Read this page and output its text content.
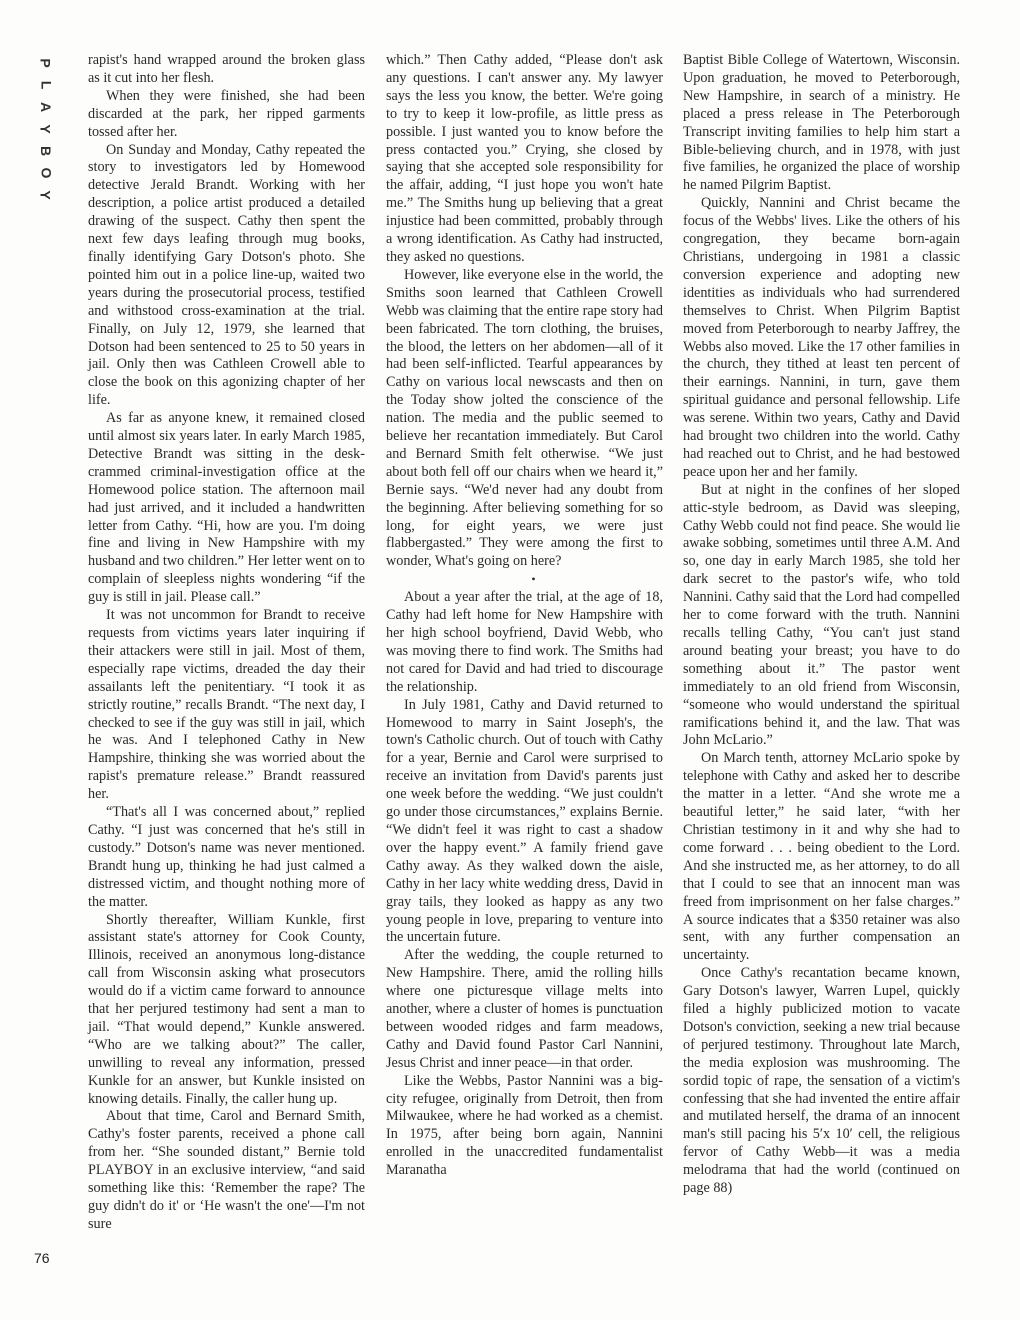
P
L
A
Y
B
O
Y

rapist's hand wrapped around the broken glass as it cut into her flesh.

When they were finished, she had been discarded at the park, her ripped garments tossed after her.

On Sunday and Monday, Cathy repeated the story to investigators led by Homewood detective Jerald Brandt. Working with her description, a police artist produced a detailed drawing of the suspect. Cathy then spent the next few days leafing through mug books, finally identifying Gary Dotson's photo. She pointed him out in a police line-up, waited two years during the prosecutorial process, testified and withstood cross-examination at the trial. Finally, on July 12, 1979, she learned that Dotson had been sentenced to 25 to 50 years in jail. Only then was Cathleen Crowell able to close the book on this agonizing chapter of her life.

As far as anyone knew, it remained closed until almost six years later. In early March 1985, Detective Brandt was sitting in the desk-crammed criminal-investigation office at the Homewood police station. The afternoon mail had just arrived, and it included a handwritten letter from Cathy. “Hi, how are you. I'm doing fine and living in New Hampshire with my husband and two children.” Her letter went on to complain of sleepless nights wondering “if the guy is still in jail. Please call.”

It was not uncommon for Brandt to receive requests from victims years later inquiring if their attackers were still in jail. Most of them, especially rape victims, dreaded the day their assailants left the penitentiary. “I took it as strictly routine,” recalls Brandt. “The next day, I checked to see if the guy was still in jail, which he was. And I telephoned Cathy in New Hampshire, thinking she was worried about the rapist's premature release.” Brandt reassured her.

“That's all I was concerned about,” replied Cathy. “I just was concerned that he's still in custody.” Dotson's name was never mentioned. Brandt hung up, thinking he had just calmed a distressed victim, and thought nothing more of the matter.

Shortly thereafter, William Kunkle, first assistant state's attorney for Cook County, Illinois, received an anonymous long-distance call from Wisconsin asking what prosecutors would do if a victim came forward to announce that her perjured testimony had sent a man to jail. “That would depend,” Kunkle answered. “Who are we talking about?” The caller, unwilling to reveal any information, pressed Kunkle for an answer, but Kunkle insisted on knowing details. Finally, the caller hung up.

About that time, Carol and Bernard Smith, Cathy's foster parents, received a phone call from her. “She sounded distant,” Bernie told PLAYBOY in an exclusive interview, “and said something like this: ‘Remember the rape? The guy didn't do it' or ‘He wasn't the one'—I'm not sure

which.” Then Cathy added, “Please don't ask any questions. I can't answer any. My lawyer says the less you know, the better. We're going to try to keep it low-profile, as little press as possible. I just wanted you to know before the press contacted you.” Crying, she closed by saying that she accepted sole responsibility for the affair, adding, “I just hope you won't hate me.” The Smiths hung up believing that a great injustice had been committed, probably through a wrong identification. As Cathy had instructed, they asked no questions.

However, like everyone else in the world, the Smiths soon learned that Cathleen Crowell Webb was claiming that the entire rape story had been fabricated. The torn clothing, the bruises, the blood, the letters on her abdomen—all of it had been self-inflicted. Tearful appearances by Cathy on various local newscasts and then on the Today show jolted the conscience of the nation. The media and the public seemed to believe her recantation immediately. But Carol and Bernard Smith felt otherwise. “We just about both fell off our chairs when we heard it,” Bernie says. “We'd never had any doubt from the beginning. After believing something for so long, for eight years, we were just flabbergasted.” They were among the first to wonder, What's going on here?

•

About a year after the trial, at the age of 18, Cathy had left home for New Hampshire with her high school boyfriend, David Webb, who was moving there to find work. The Smiths had not cared for David and had tried to discourage the relationship.

In July 1981, Cathy and David returned to Homewood to marry in Saint Joseph's, the town's Catholic church. Out of touch with Cathy for a year, Bernie and Carol were surprised to receive an invitation from David's parents just one week before the wedding. “We just couldn't go under those circumstances,” explains Bernie. “We didn't feel it was right to cast a shadow over the happy event.” A family friend gave Cathy away. As they walked down the aisle, Cathy in her lacy white wedding dress, David in gray tails, they looked as happy as any two young people in love, preparing to venture into the uncertain future.

After the wedding, the couple returned to New Hampshire. There, amid the rolling hills where one picturesque village melts into another, where a cluster of homes is punctuation between wooded ridges and farm meadows, Cathy and David found Pastor Carl Nannini, Jesus Christ and inner peace—in that order.

Like the Webbs, Pastor Nannini was a big-city refugee, originally from Detroit, then from Milwaukee, where he had worked as a chemist. In 1975, after being born again, Nannini enrolled in the unaccredited fundamentalist Maranatha

Baptist Bible College of Watertown, Wisconsin. Upon graduation, he moved to Peterborough, New Hampshire, in search of a ministry. He placed a press release in The Peterborough Transcript inviting families to help him start a Bible-believing church, and in 1978, with just five families, he organized the place of worship he named Pilgrim Baptist.

Quickly, Nannini and Christ became the focus of the Webbs' lives. Like the others of his congregation, they became born-again Christians, undergoing in 1981 a classic conversion experience and adopting new identities as individuals who had surrendered themselves to Christ. When Pilgrim Baptist moved from Peterborough to nearby Jaffrey, the Webbs also moved. Like the 17 other families in the church, they tithed at least ten percent of their earnings. Nannini, in turn, gave them spiritual guidance and personal fellowship. Life was serene. Within two years, Cathy and David had brought two children into the world. Cathy had reached out to Christ, and he had bestowed peace upon her and her family.

But at night in the confines of her sloped attic-style bedroom, as David was sleeping, Cathy Webb could not find peace. She would lie awake sobbing, sometimes until three A.M. And so, one day in early March 1985, she told her dark secret to the pastor's wife, who told Nannini. Cathy said that the Lord had compelled her to come forward with the truth. Nannini recalls telling Cathy, “You can't just stand around beating your breast; you have to do something about it.” The pastor went immediately to an old friend from Wisconsin, “someone who would understand the spiritual ramifications behind it, and the law. That was John McLario.”

On March tenth, attorney McLario spoke by telephone with Cathy and asked her to describe the matter in a letter. “And she wrote me a beautiful letter,” he said later, “with her Christian testimony in it and why she had to come forward . . . being obedient to the Lord. And she instructed me, as her attorney, to do all that I could to see that an innocent man was freed from imprisonment on her false charges.” A source indicates that a $350 retainer was also sent, with any further compensation an uncertainty.

Once Cathy's recantation became known, Gary Dotson's lawyer, Warren Lupel, quickly filed a highly publicized motion to vacate Dotson's conviction, seeking a new trial because of perjured testimony. Throughout late March, the media explosion was mushrooming. The sordid topic of rape, the sensation of a victim's confessing that she had invented the entire affair and mutilated herself, the drama of an innocent man's still pacing his 5′x 10′ cell, the religious fervor of Cathy Webb—it was a media melodrama that had the world (continued on page 88)

76
